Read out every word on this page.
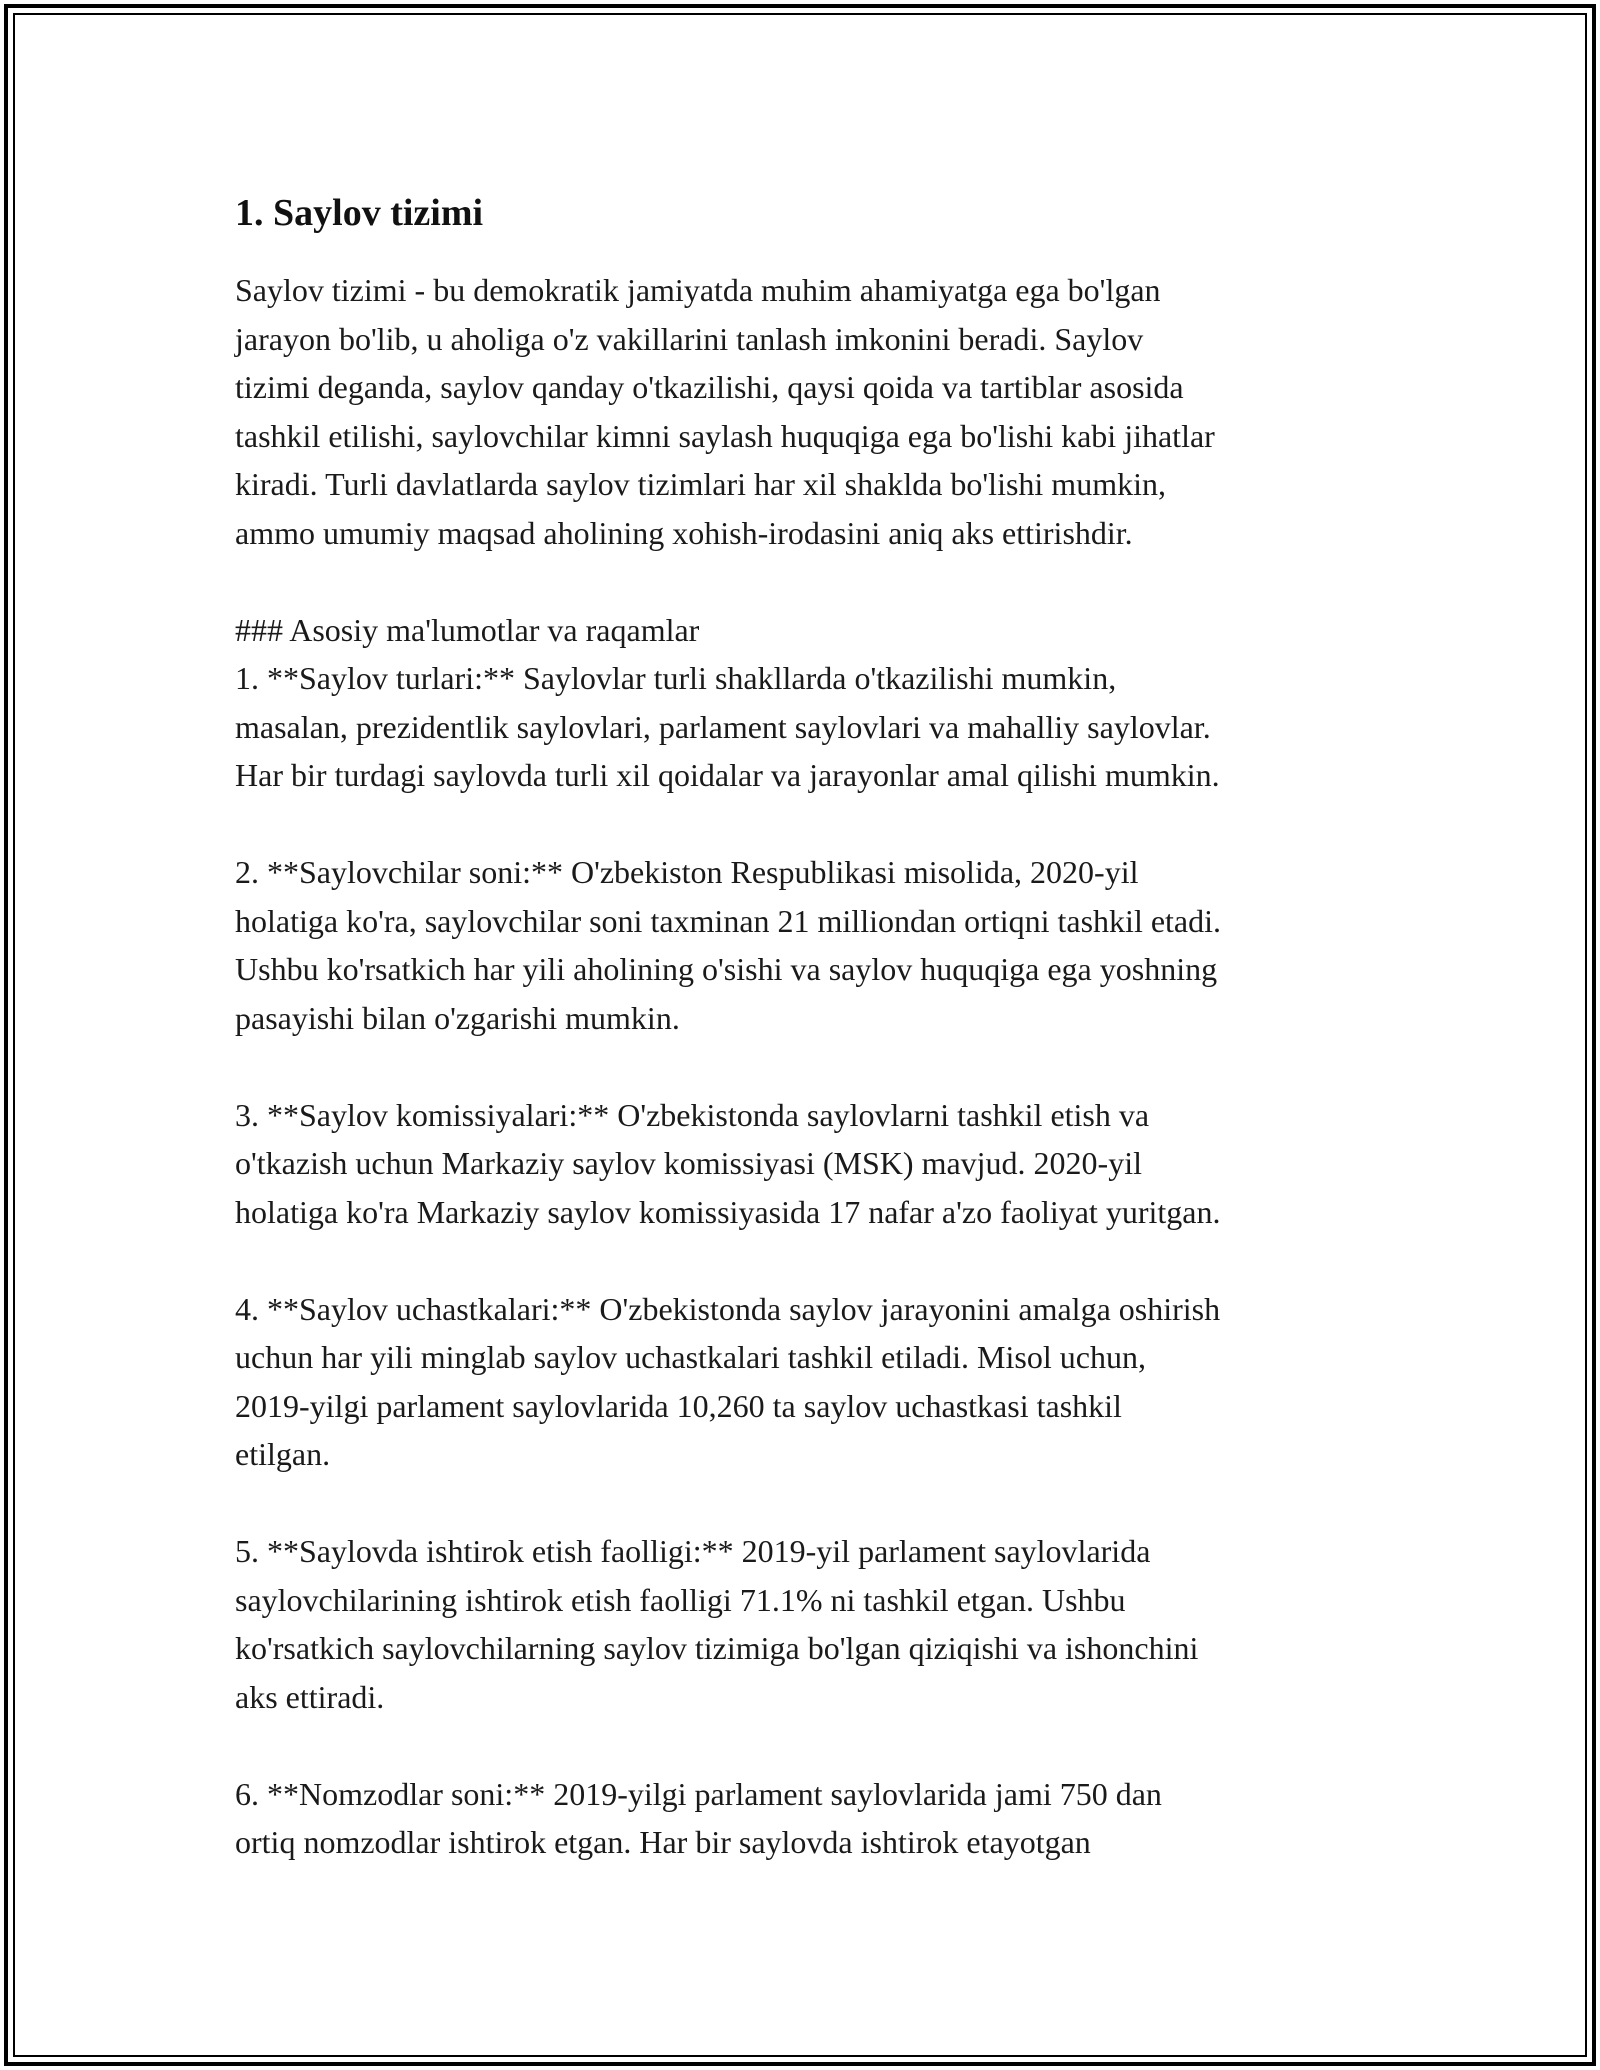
1. Saylov tizimi

Saylov tizimi - bu demokratik jamiyatda muhim ahamiyatga ega bo'lgan
jarayon bo'lib, u aholiga o'z vakillarini tanlash imkonini beradi. Saylov
tizimi deganda, saylov qanday o'tkazilishi, qaysi qoida va tartiblar asosida
tashkil etilishi, saylovchilar kimni saylash huquqiga ega bo'lishi kabi jihatlar
kiradi. Turli davlatlarda saylov tizimlari har xil shaklda bo'lishi mumkin,
ammo umumiy maqsad aholining xohish-irodasini aniq aks ettirishdir.

### Asosiy ma'lumotlar va raqamlar

1. **Saylov turlari:** Saylovlar turli shakllarda o'tkazilishi mumkin,
masalan, prezidentlik saylovlari, parlament saylovlari va mahalliy saylovlar.
Har bir turdagi saylovda turli xil qoidalar va jarayonlar amal qilishi mumkin.

2. **Saylovchilar soni:** O'zbekiston Respublikasi misolida, 2020-yil
holatiga ko'ra, saylovchilar soni taxminan 21 milliondan ortiqni tashkil etadi.
Ushbu ko'rsatkich har yili aholining o'sishi va saylov huquqiga ega yoshning
pasayishi bilan o'zgarishi mumkin.

3. **Saylov komissiyalari:** O'zbekistonda saylovlarni tashkil etish va
o'tkazish uchun Markaziy saylov komissiyasi (MSK) mavjud. 2020-yil
holatiga ko'ra Markaziy saylov komissiyasida 17 nafar a'zo faoliyat yuritgan.

4. **Saylov uchastkalari:** O'zbekistonda saylov jarayonini amalga oshirish
uchun har yili minglab saylov uchastkalari tashkil etiladi. Misol uchun,
2019-yilgi parlament saylovlarida 10,260 ta saylov uchastkasi tashkil
etilgan.

5. **Saylovda ishtirok etish faolligi:** 2019-yil parlament saylovlarida
saylovchilarining ishtirok etish faolligi 71.1% ni tashkil etgan. Ushbu
ko'rsatkich saylovchilarning saylov tizimiga bo'lgan qiziqishi va ishonchini
aks ettiradi.

6. **Nomzodlar soni:** 2019-yilgi parlament saylovlarida jami 750 dan
ortiq nomzodlar ishtirok etgan. Har bir saylovda ishtirok etayotgan
